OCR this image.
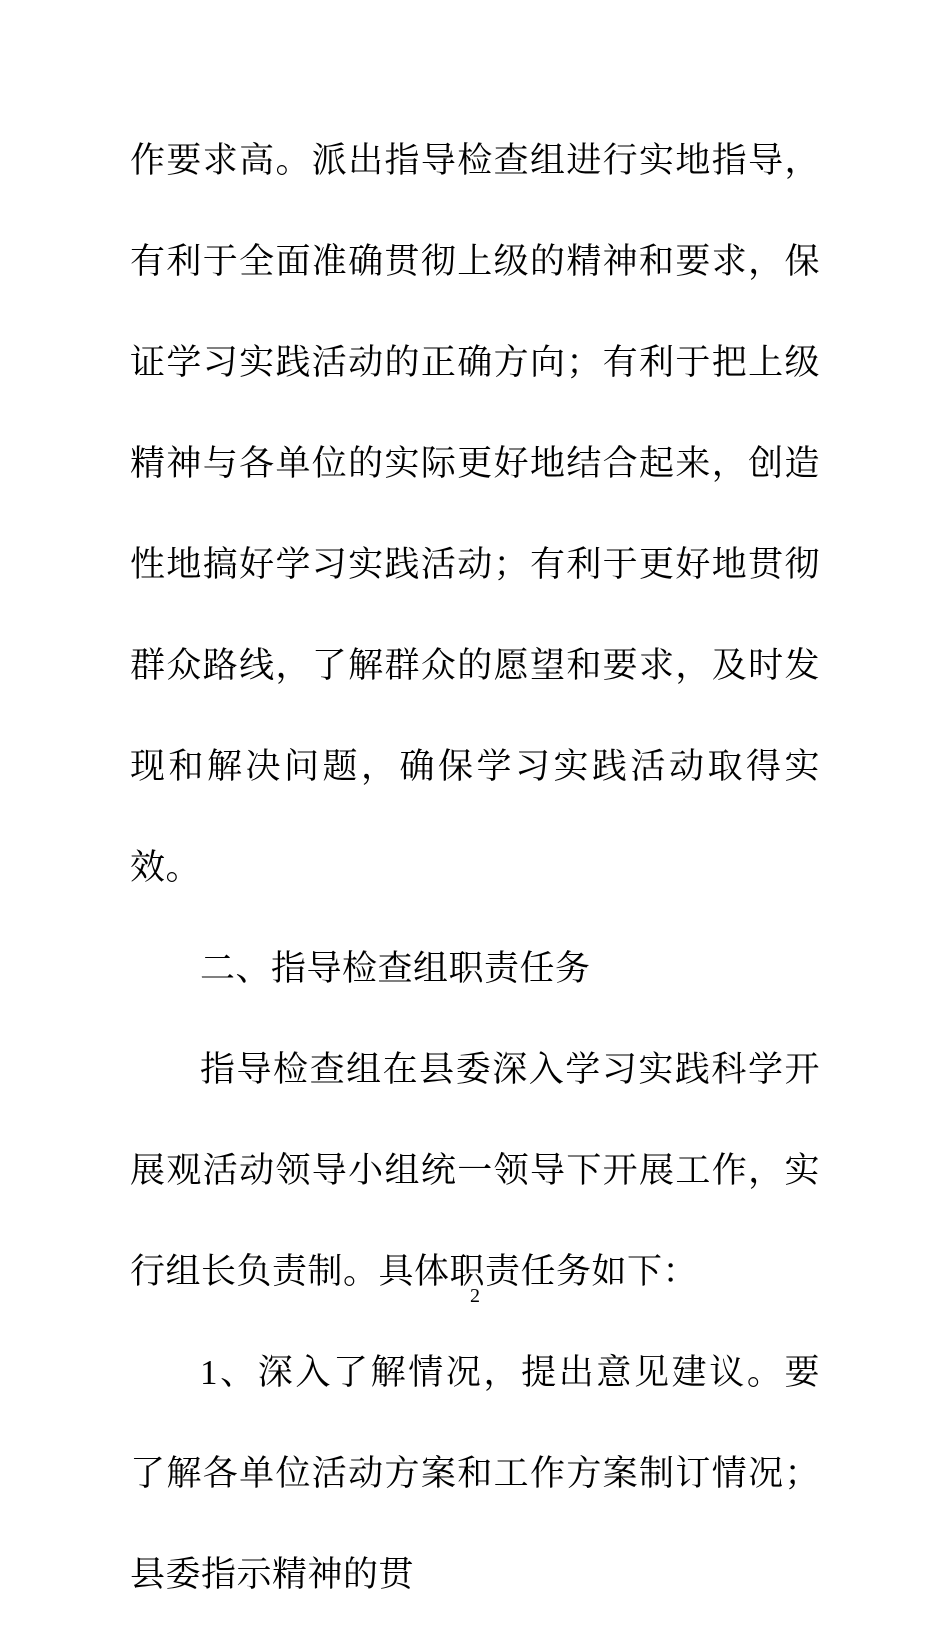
作要求高。派出指导检查组进行实地指导，有利于全面准确贯彻上级的精神和要求，保证学习实践活动的正确方向；有利于把上级精神与各单位的实际更好地结合起来，创造性地搞好学习实践活动；有利于更好地贯彻群众路线，了解群众的愿望和要求，及时发现和解决问题，确保学习实践活动取得实效。

二、指导检查组职责任务

指导检查组在县委深入学习实践科学开展观活动领导小组统一领导下开展工作，实行组长负责制。具体职责任务如下：

1、深入了解情况，提出意见建议。要了解各单位活动方案和工作方案制订情况；县委指示精神的贯

2
